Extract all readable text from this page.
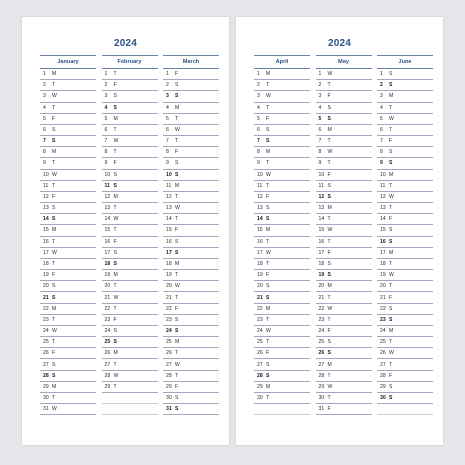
2024
January
1	M
2	T
3	W
4	T
5	F
6	S
7	S
8	M
9	T
10 W
11 T
12 F
13 S
14 S
15 M
16 T
17 W
18 T
19 F
20 S
21 S
22 M
23 T
24 W
25 T
26 F
27 S
28 S
29 M
30 T
31 W
February
1	T
2	F
3	S
4	S
5	M
6	T
7	W
8	T
9	F
10 S
11 S
12 M
13 T
14 W
15 T
16 F
17 S
18 S
19 M
20 T
21 W
22 T
23 F
24 S
25 S
26 M
27 T
28 W
29 T
March
1	F
2	S
3	S
4	M
5	T
6	W
7	T
8	F
9	S
10 S
11 M
12 T
13 W
14 T
15 F
16 S
17 S
18 M
19 T
20 W
21 T
22 F
23 S
24 S
25 M
26 T
27 W
28 T
29 F
30 S
31 S
2024
April
1	M
2	T
3	W
4	T
5	F
6	S
7	S
8	M
9	T
10 W
11 T
12 F
13 S
14 S
15 M
16 T
17 W
18 T
19 F
20 S
21 S
22 M
23 T
24 W
25 T
26 F
27 S
28 S
29 M
30 T
May
1	W
2	T
3	F
4	S
5	S
6	M
7	T
8	W
9	T
10 F
11 S
12 S
13 M
14 T
15 W
16 T
17 F
18 S
19 S
20 M
21 T
22 W
23 T
24 F
25 S
26 S
27 M
28 T
29 W
30 T
31 F
June
1	S
2	S
3	M
4	T
5	W
6	T
7	F
8	S
9	S
10 M
11 T
12 W
13 T
14 F
15 S
16 S
17 M
18 T
19 W
20 T
21 F
22 S
23 S
24 M
25 T
26 W
27 T
28 F
29 S
30 S
